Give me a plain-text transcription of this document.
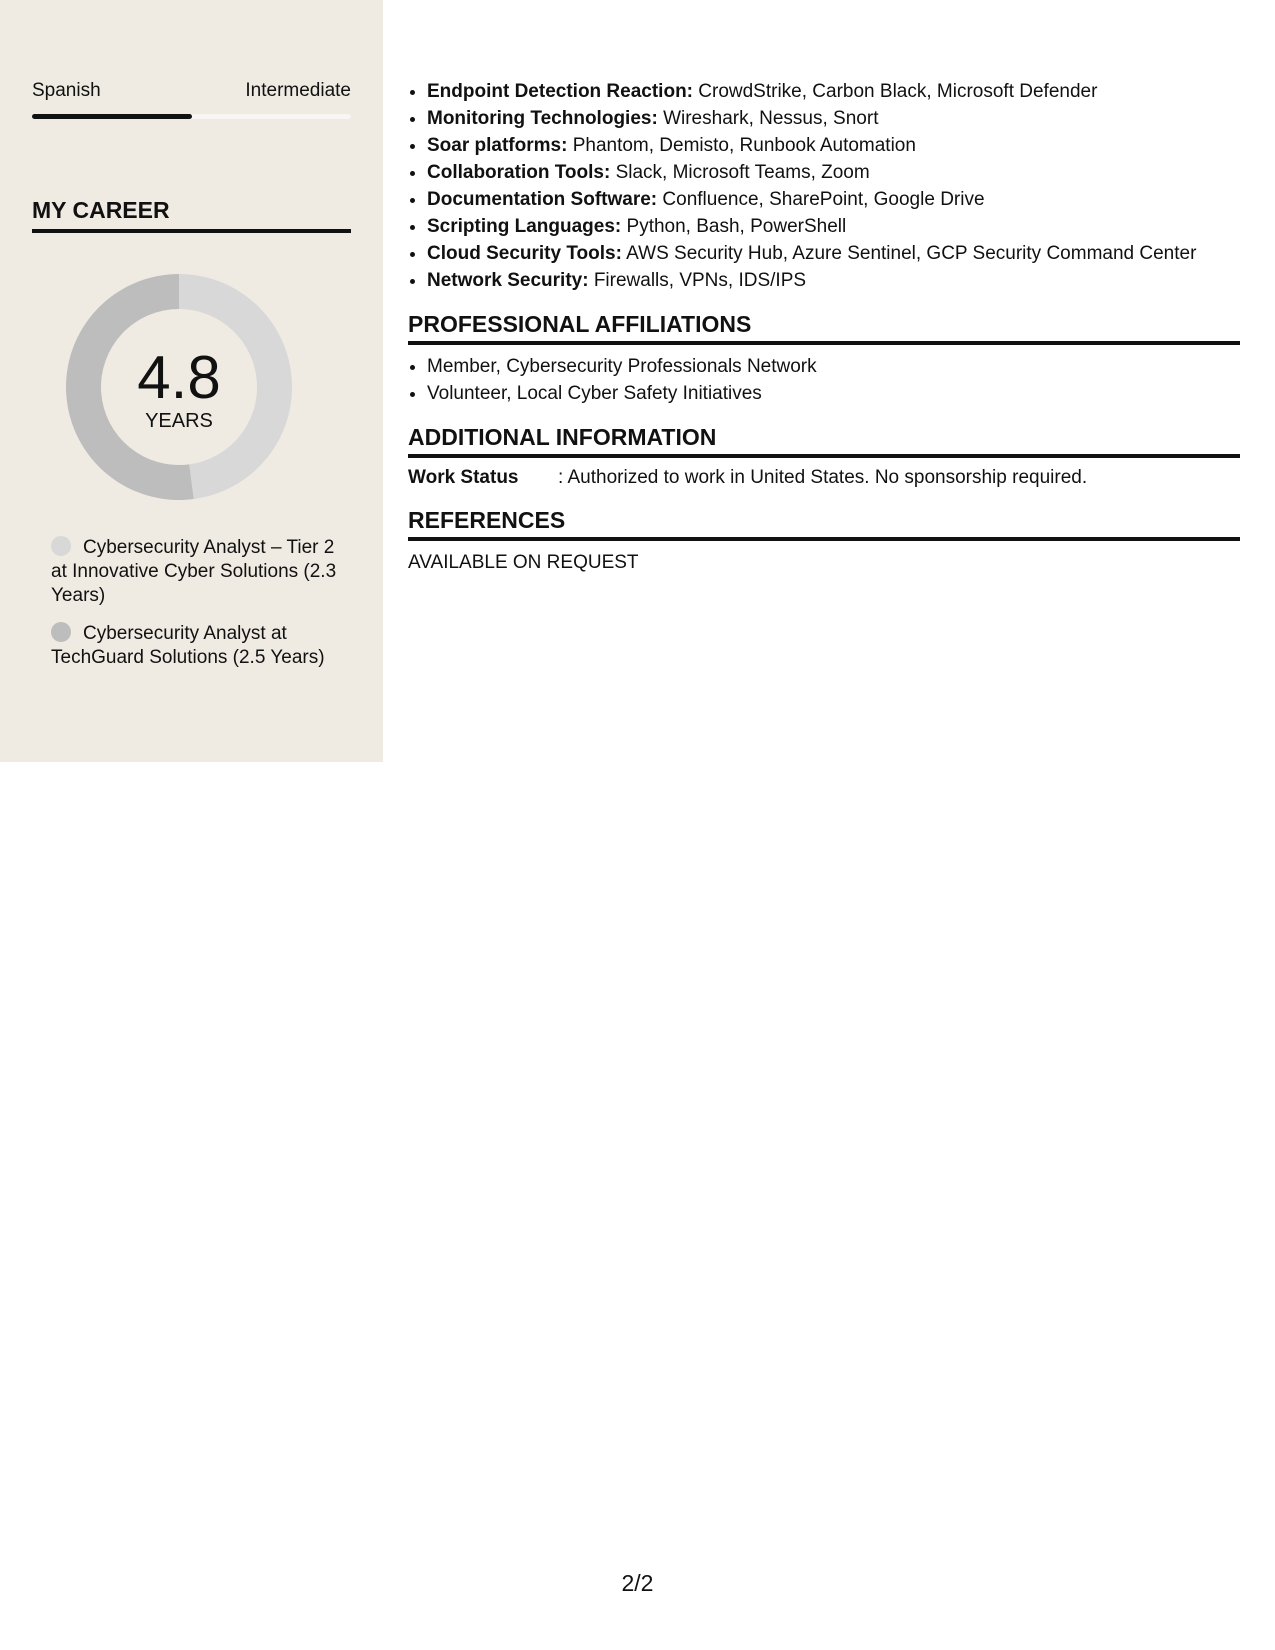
Spanish	Intermediate
MY CAREER
4.8
YEARS
Cybersecurity Analyst – Tier 2 at Innovative Cyber Solutions (2.3 Years)
Cybersecurity Analyst at TechGuard Solutions (2.5 Years)
• Endpoint Detection Reaction: CrowdStrike, Carbon Black, Microsoft Defender
• Monitoring Technologies: Wireshark, Nessus, Snort
• Soar platforms: Phantom, Demisto, Runbook Automation
• Collaboration Tools: Slack, Microsoft Teams, Zoom
• Documentation Software: Confluence, SharePoint, Google Drive
• Scripting Languages: Python, Bash, PowerShell
• Cloud Security Tools: AWS Security Hub, Azure Sentinel, GCP Security Command Center
• Network Security: Firewalls, VPNs, IDS/IPS
PROFESSIONAL AFFILIATIONS
• Member, Cybersecurity Professionals Network
• Volunteer, Local Cyber Safety Initiatives
ADDITIONAL INFORMATION
Work Status	: Authorized to work in United States. No sponsorship required.
REFERENCES
AVAILABLE ON REQUEST
2/2
